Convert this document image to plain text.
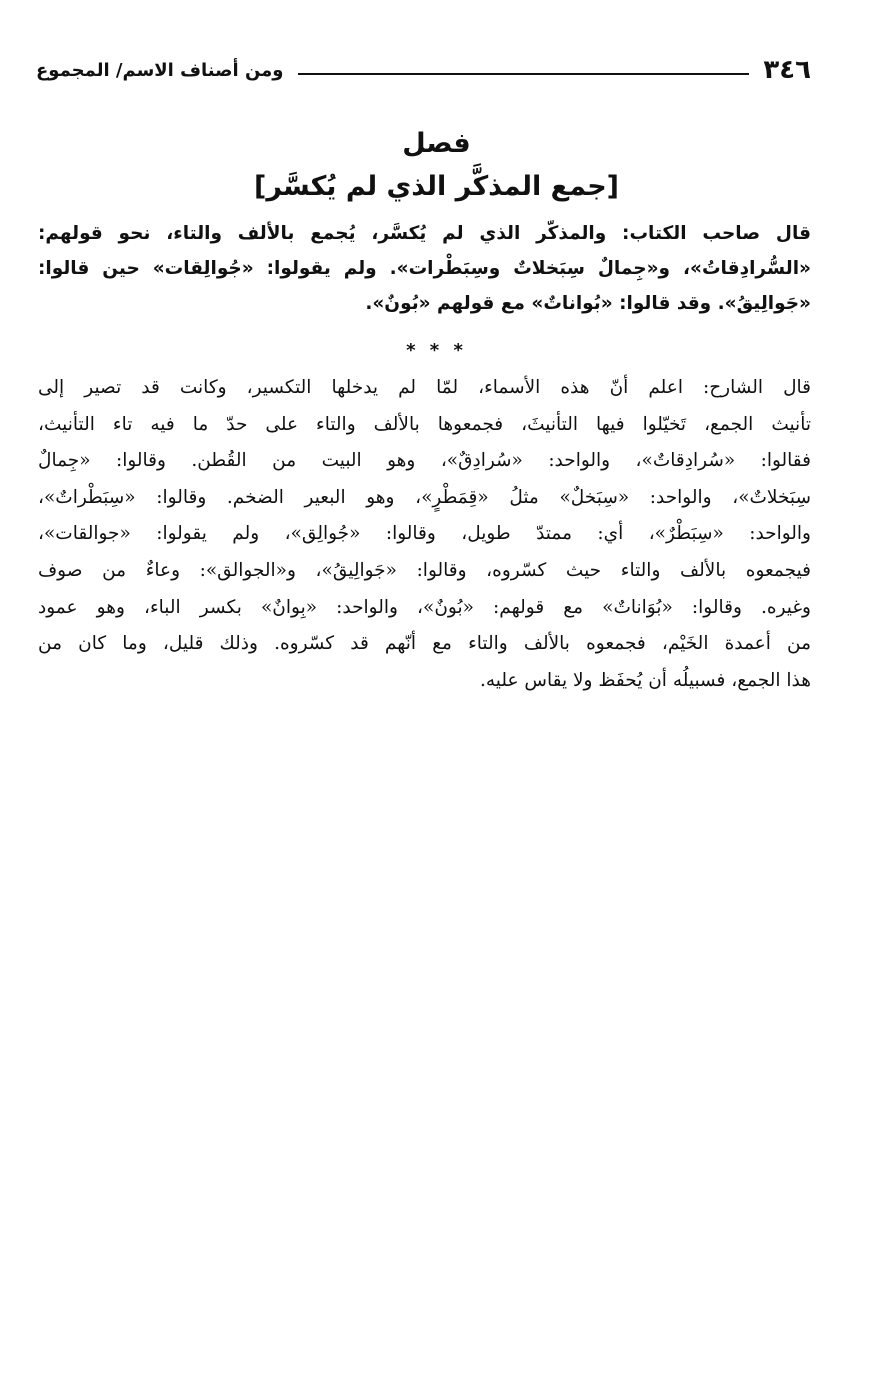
٣٤٦
ومن أصناف الاسم/ المجموع
فصل
[جمع المذكَّر الذي لم يُكسَّر]
قال صاحب الكتاب: والمذكّر الذي لم يُكسَّر، يُجمع بالألف والتاء، نحو قولهم:
«السُّرادِقاتُ»، و«جِمالٌ سِبَخلاتٌ وسِبَطْرات». ولم يقولوا: «جُوالِقات» حين قالوا:
«جَوالِيقُ». وقد قالوا: «بُواناتٌ» مع قولهم «بُونٌ».
* * *
قال الشارح: اعلم أنّ هذه الأسماء، لمّا لم يدخلها التكسير، وكانت قد تصير إلى
تأنيث الجمع، تَخيّلوا فيها التأنيثَ، فجمعوها بالألف والتاء على حدّ ما فيه تاء التأنيث،
فقالوا: «سُرادِقاتٌ»، والواحد: «سُرادِقٌ»، وهو البيت من القُطن. وقالوا: «جِمالٌ
سِبَخلاتٌ»، والواحد: «سِبَخلٌ» مثلُ «قِمَطْرٍ»، وهو البعير الضخم. وقالوا: «سِبَطْراتٌ»،
والواحد: «سِبَطْرٌ»، أي: ممتدّ طويل، وقالوا: «جُوالِق»، ولم يقولوا: «جوالقات»،
فيجمعوه بالألف والتاء حيث كسّروه، وقالوا: «جَوالِيقُ»، و«الجوالق»: وعاءٌ من صوف
وغيره. وقالوا: «بُوَاناتٌ» مع قولهم: «بُونٌ»، والواحد: «بِوانٌ» بكسر الباء، وهو عمود
من أعمدة الخَيْم، فجمعوه بالألف والتاء مع أنّهم قد كسّروه. وذلك قليل، وما كان من
هذا الجمع، فسبيلُه أن يُحفَظ ولا يقاس عليه.
